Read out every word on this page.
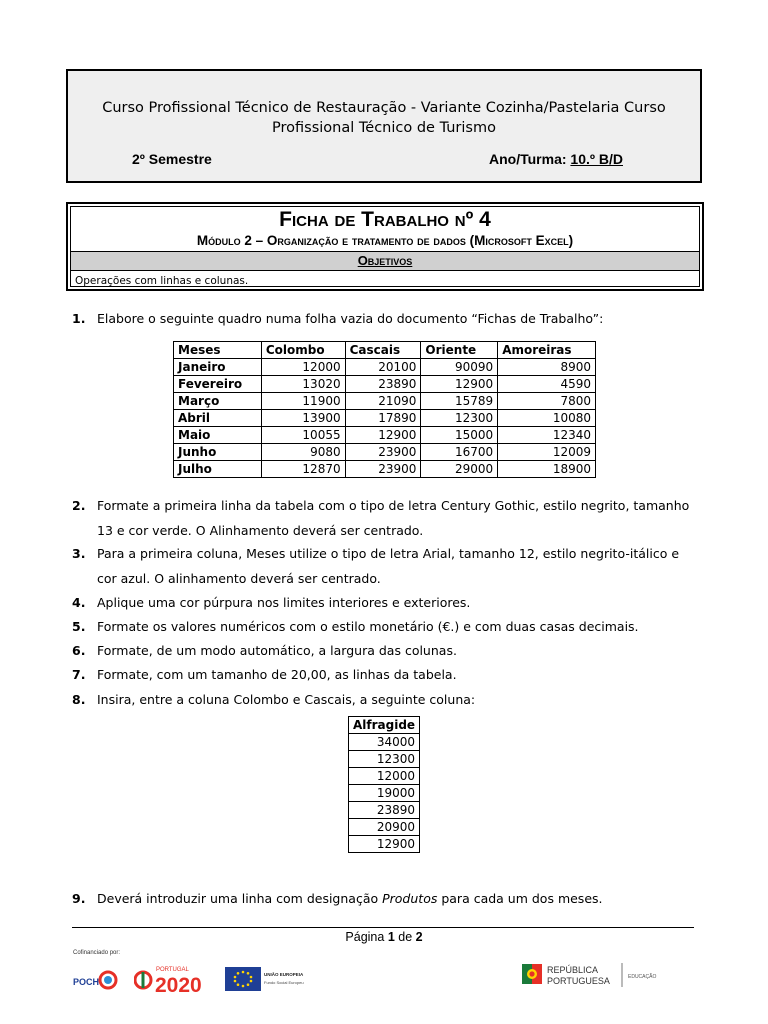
Curso Profissional Técnico de Restauração - Variante Cozinha/Pastelaria Curso
Profissional Técnico de Turismo
2º Semestre	Ano/Turma: 10.º B/D
Ficha de Trabalho nº 4
Módulo 2 – Organização e tratamento de dados (Microsoft Excel)
Objetivos
Operações com linhas e colunas.
1. Elabore o seguinte quadro numa folha vazia do documento “Fichas de Trabalho”:
Meses	Colombo	Cascais	Oriente	Amoreiras
Janeiro	12000	20100	90090	8900
Fevereiro	13020	23890	12900	4590
Março	11900	21090	15789	7800
Abril	13900	17890	12300	10080
Maio	10055	12900	15000	12340
Junho	9080	23900	16700	12009
Julho	12870	23900	29000	18900
2. Formate a primeira linha da tabela com o tipo de letra Century Gothic, estilo negrito, tamanho 13 e cor verde. O Alinhamento deverá ser centrado.
3. Para a primeira coluna, Meses utilize o tipo de letra Arial, tamanho 12, estilo negrito-itálico e cor azul. O alinhamento deverá ser centrado.
4. Aplique uma cor púrpura nos limites interiores e exteriores.
5. Formate os valores numéricos com o estilo monetário (€.) e com duas casas decimais.
6. Formate, de um modo automático, a largura das colunas.
7. Formate, com um tamanho de 20,00, as linhas da tabela.
8. Insira, entre a coluna Colombo e Cascais, a seguinte coluna:
Alfragide
34000
12300
12000
19000
23890
20900
12900
9. Deverá introduzir uma linha com designação Produtos para cada um dos meses.
Página 1 de 2
Cofinanciado por:
POCH
PORTUGAL
2020	UNIÃO EUROPEIA
Fundo Social Europeu
REPÚBLICA
PORTUGUESA	EDUCAÇÃO
